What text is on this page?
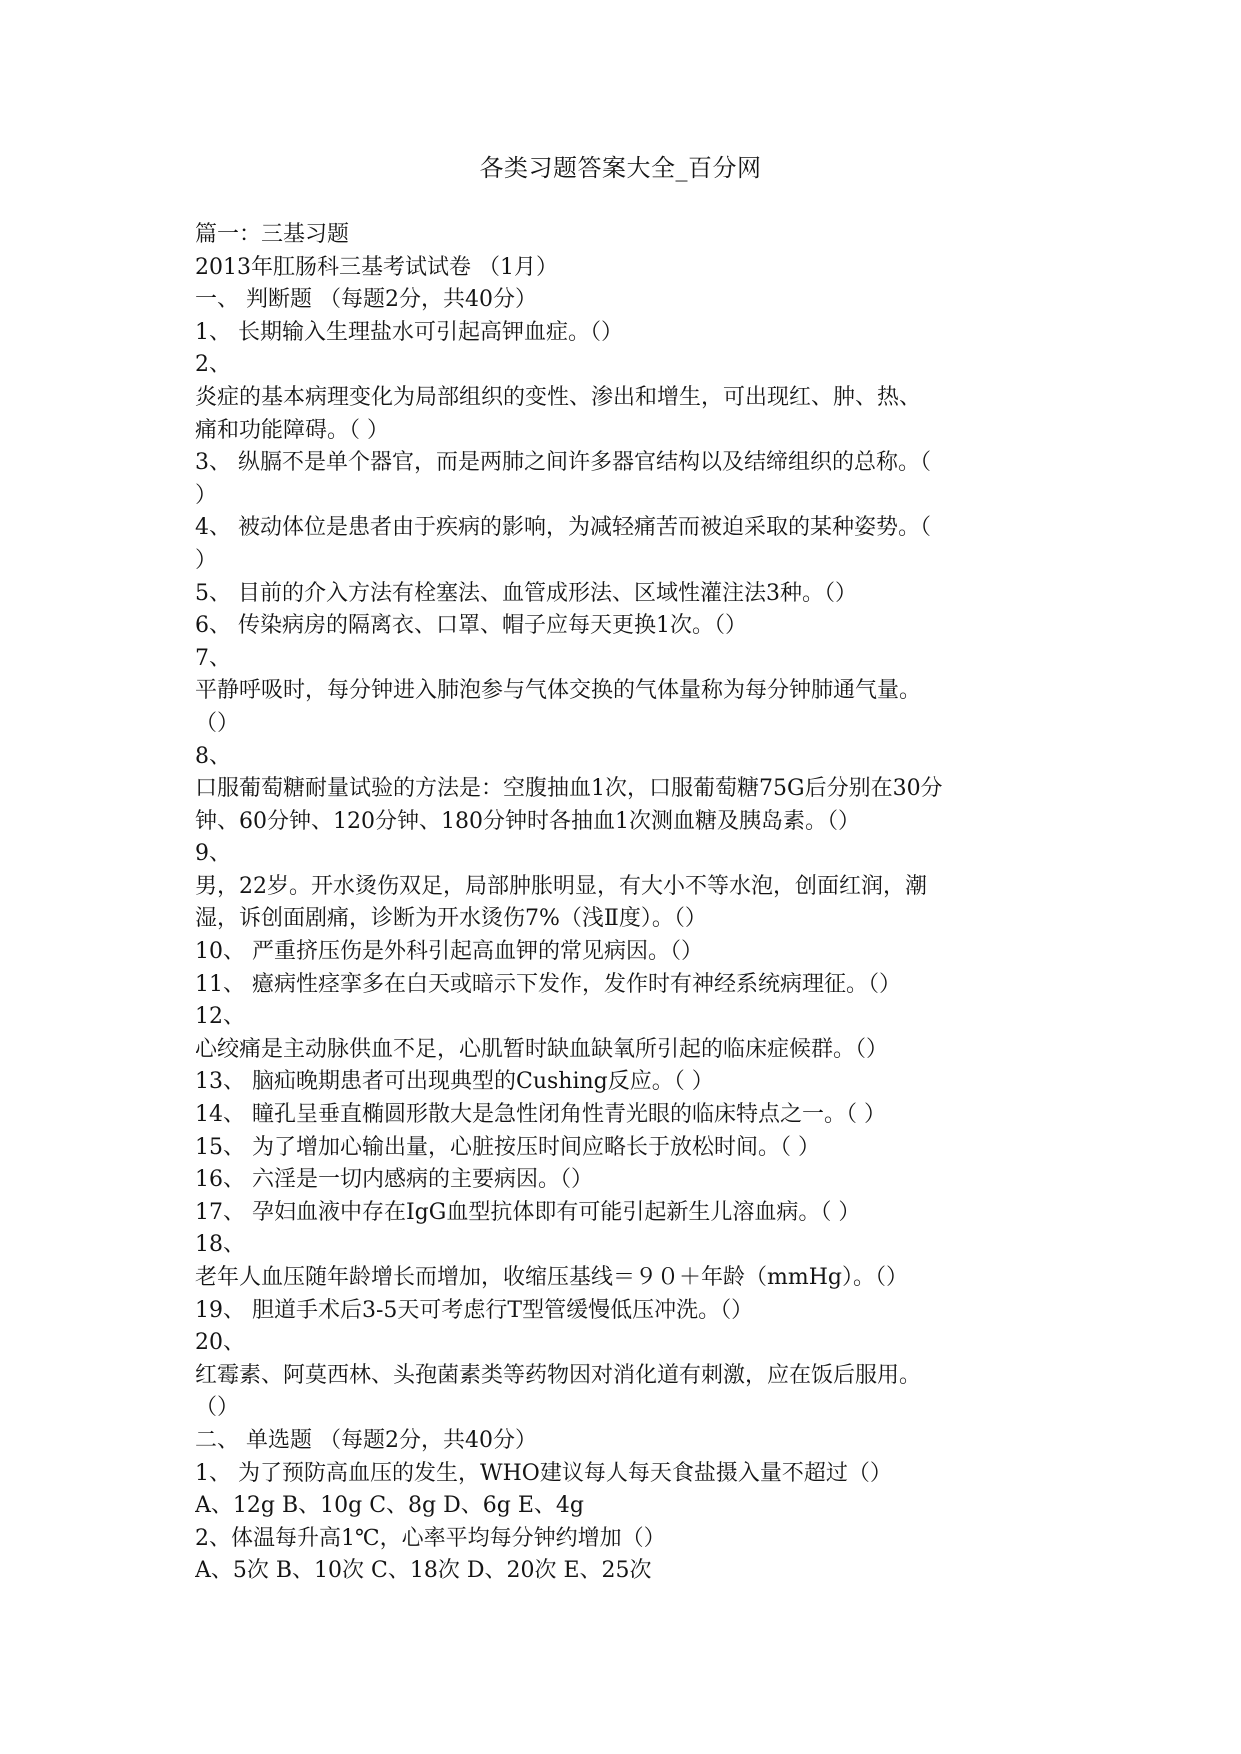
各类习题答案大全_百分网
篇一：三基习题
2013年肛肠科三基考试试卷 （1月）
一、 判断题 （每题2分，共40分）
1、 长期输入生理盐水可引起高钾血症。（）
2、
炎症的基本病理变化为局部组织的变性、渗出和增生，可出现红、肿、热、
痛和功能障碍。（ ）
3、 纵膈不是单个器官，而是两肺之间许多器官结构以及结缔组织的总称。（
）
4、 被动体位是患者由于疾病的影响，为减轻痛苦而被迫采取的某种姿势。（
）
5、 目前的介入方法有栓塞法、血管成形法、区域性灌注法3种。（）
6、 传染病房的隔离衣、口罩、帽子应每天更换1次。（）
7、
平静呼吸时，每分钟进入肺泡参与气体交换的气体量称为每分钟肺通气量。
（）
8、
口服葡萄糖耐量试验的方法是：空腹抽血1次，口服葡萄糖75G后分别在30分
钟、60分钟、120分钟、180分钟时各抽血1次测血糖及胰岛素。（）
9、
男，22岁。开水烫伤双足，局部肿胀明显，有大小不等水泡，创面红润，潮
湿，诉创面剧痛，诊断为开水烫伤7%（浅Ⅱ度）。（）
10、 严重挤压伤是外科引起高血钾的常见病因。（）
11、 癔病性痉挛多在白天或暗示下发作，发作时有神经系统病理征。（）
12、
心绞痛是主动脉供血不足，心肌暂时缺血缺氧所引起的临床症候群。（）
13、 脑疝晚期患者可出现典型的Cushing反应。（ ）
14、 瞳孔呈垂直椭圆形散大是急性闭角性青光眼的临床特点之一。（ ）
15、 为了增加心输出量，心脏按压时间应略长于放松时间。（ ）
16、 六淫是一切内感病的主要病因。（）
17、 孕妇血液中存在IgG血型抗体即有可能引起新生儿溶血病。（ ）
18、
老年人血压随年龄增长而增加，收缩压基线＝９０＋年龄（mmHg）。（）
19、 胆道手术后3-5天可考虑行T型管缓慢低压冲洗。（）
20、
红霉素、阿莫西林、头孢菌素类等药物因对消化道有刺激，应在饭后服用。
（）
二、 单选题 （每题2分，共40分）
1、 为了预防高血压的发生，WHO建议每人每天食盐摄入量不超过（）
A、12g B、10g C、8g D、6g E、4g
2、体温每升高1℃，心率平均每分钟约增加（）
A、5次 B、10次 C、18次 D、20次 E、25次
